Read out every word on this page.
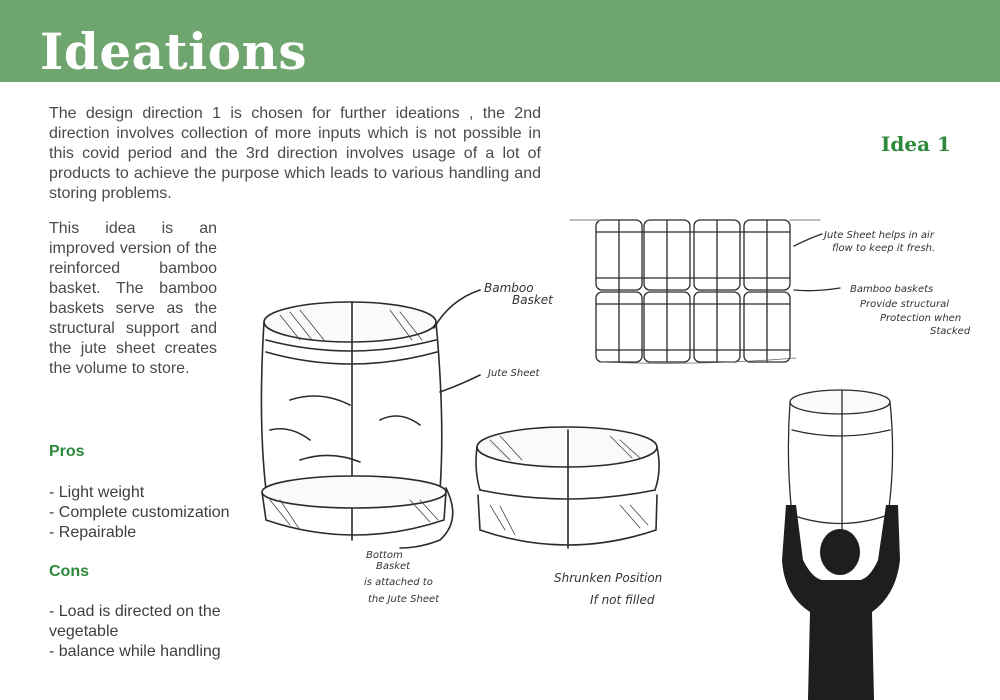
Ideations

The design direction 1 is chosen for further ideations , the 2nd direction involves collection of more inputs which is not possible in this covid period and the 3rd direction involves usage of a lot of products to achieve the purpose which leads to various handling and storing problems.

Idea 1

This idea is an improved version of the reinforced bamboo basket. The bamboo baskets serve as the structural support and the jute sheet creates the volume to store.

Pros

- Light weight
- Complete customization
- Repairable

Cons

- Load is directed on the vegetable
- balance while handling
Bamboo
Basket
Jute Sheet
Bottom
Basket
is attached to
the Jute Sheet
Shrunken Position
If not filled
Jute Sheet helps in air
flow to keep it fresh.
Bamboo baskets
Provide structural
Protection when
Stacked
